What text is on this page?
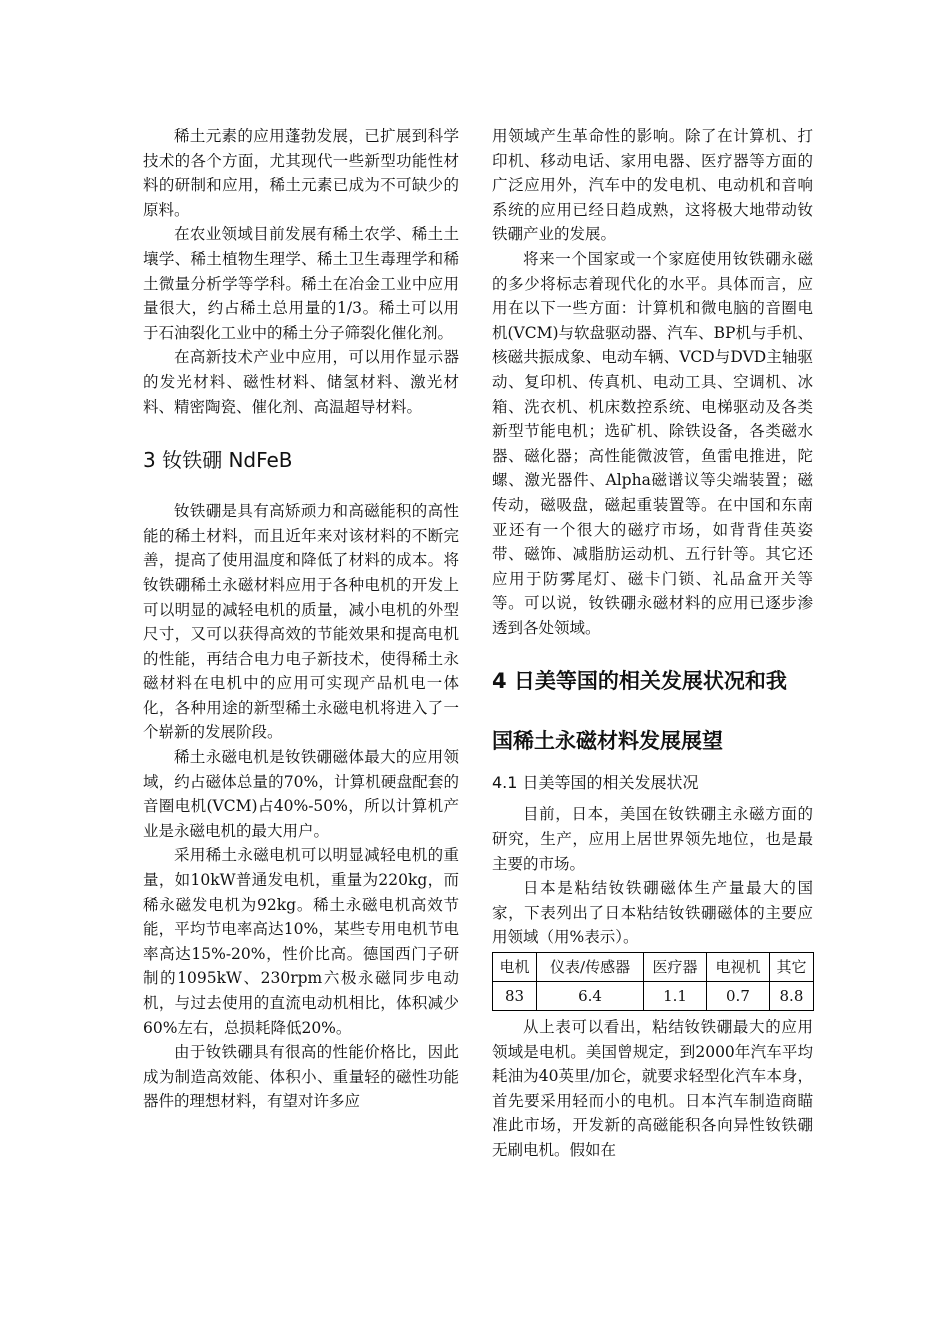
稀土元素的应用蓬勃发展，已扩展到科学技术的各个方面，尤其现代一些新型功能性材料的研制和应用，稀土元素已成为不可缺少的原料。

在农业领域目前发展有稀土农学、稀土土壤学、稀土植物生理学、稀土卫生毒理学和稀土微量分析学等学科。稀土在冶金工业中应用量很大，约占稀土总用量的1/3。稀土可以用于石油裂化工业中的稀土分子筛裂化催化剂。

在高新技术产业中应用，可以用作显示器的发光材料、磁性材料、储氢材料、激光材料、精密陶瓷、催化剂、高温超导材料。

3 钕铁硼 NdFeB

钕铁硼是具有高矫顽力和高磁能积的高性能的稀土材料，而且近年来对该材料的不断完善，提高了使用温度和降低了材料的成本。将钕铁硼稀土永磁材料应用于各种电机的开发上可以明显的减轻电机的质量，减小电机的外型尺寸，又可以获得高效的节能效果和提高电机的性能，再结合电力电子新技术，使得稀土永磁材料在电机中的应用可实现产品机电一体化，各种用途的新型稀土永磁电机将进入了一个崭新的发展阶段。

稀土永磁电机是钕铁硼磁体最大的应用领域，约占磁体总量的70%，计算机硬盘配套的音圈电机(VCM)占40%-50%，所以计算机产业是永磁电机的最大用户。

采用稀土永磁电机可以明显减轻电机的重量，如10kW普通发电机，重量为220kg，而稀永磁发电机为92kg。稀土永磁电机高效节能，平均节电率高达10%，某些专用电机节电率高达15%-20%，性价比高。德国西门子研制的1095kW、230rpm六极永磁同步电动机，与过去使用的直流电动机相比，体积减少60%左右，总损耗降低20%。

由于钕铁硼具有很高的性能价格比，因此成为制造高效能、体积小、重量轻的磁性功能器件的理想材料，有望对许多应

用领域产生革命性的影响。除了在计算机、打印机、移动电话、家用电器、医疗器等方面的广泛应用外，汽车中的发电机、电动机和音响系统的应用已经日趋成熟，这将极大地带动钕铁硼产业的发展。

将来一个国家或一个家庭使用钕铁硼永磁的多少将标志着现代化的水平。具体而言，应用在以下一些方面：计算机和微电脑的音圈电机(VCM)与软盘驱动器、汽车、BP机与手机、核磁共振成象、电动车辆、VCD与DVD主轴驱动、复印机、传真机、电动工具、空调机、冰箱、洗衣机、机床数控系统、电梯驱动及各类新型节能电机；选矿机、除铁设备，各类磁水器、磁化器；高性能微波管，鱼雷电推进，陀螺、激光器件、Alpha磁谱议等尖端装置；磁传动，磁吸盘，磁起重装置等。在中国和东南亚还有一个很大的磁疗市场，如背背佳英姿带、磁饰、减脂肪运动机、五行针等。其它还应用于防雾尾灯、磁卡门锁、礼品盒开关等等。可以说，钕铁硼永磁材料的应用已逐步渗透到各处领域。

4 日美等国的相关发展状况和我
国稀土永磁材料发展展望
4.1 日美等国的相关发展状况

目前，日本，美国在钕铁硼主永磁方面的研究，生产，应用上居世界领先地位，也是最主要的市场。

日本是粘结钕铁硼磁体生产量最大的国家，下表列出了日本粘结钕铁硼磁体的主要应用领域（用%表示）。

电机	仪表/传感器	医疗器	电视机	其它
83	6.4	1.1	0.7	8.8

从上表可以看出，粘结钕铁硼最大的应用领域是电机。美国曾规定，到2000年汽车平均耗油为40英里/加仑，就要求轻型化汽车本身，首先要采用轻而小的电机。日本汽车制造商瞄准此市场，开发新的高磁能积各向异性钕铁硼无刷电机。假如在
